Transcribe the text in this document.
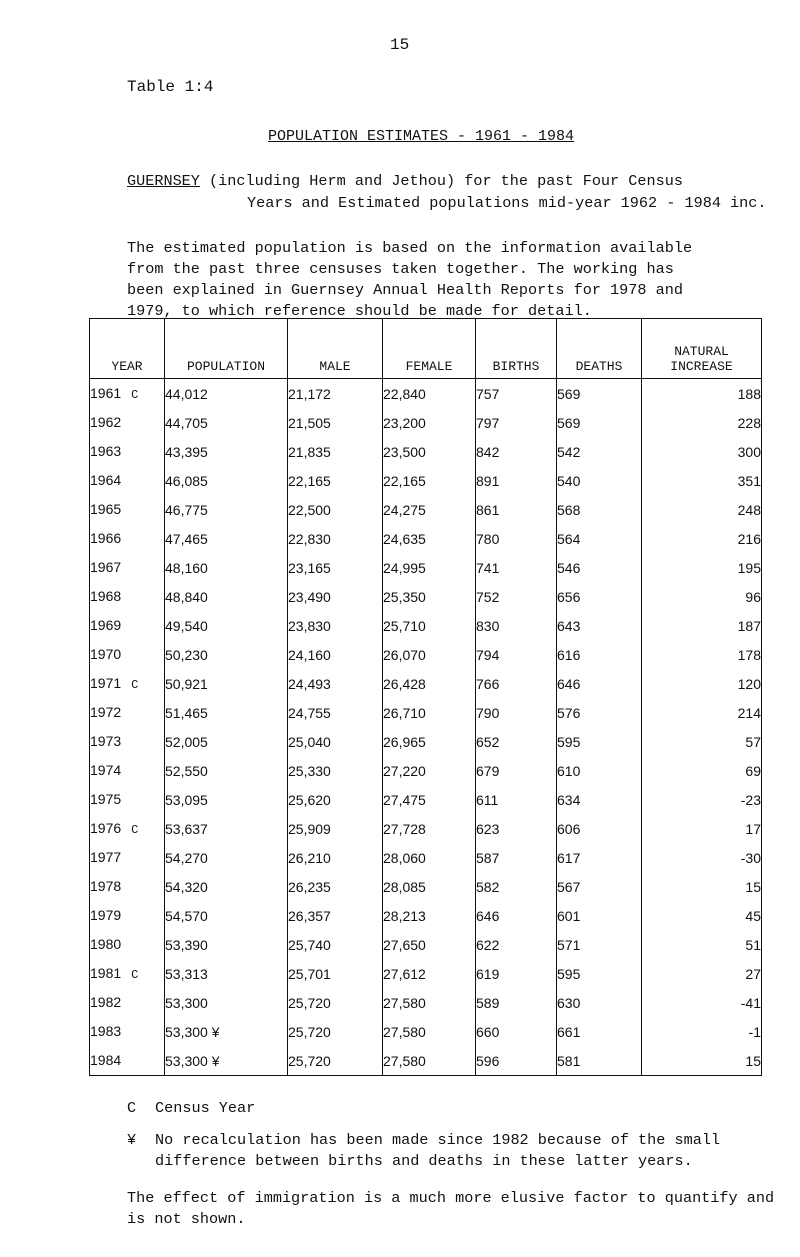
15
Table 1:4
POPULATION ESTIMATES - 1961 - 1984
GUERNSEY (including Herm and Jethou) for the past Four Census
Years and Estimated populations mid-year 1962 - 1984 inc.
The estimated population is based on the information available
from the past three censuses taken together. The working has
been explained in Guernsey Annual Health Reports for 1978 and
1979, to which reference should be made for detail.
YEAR	POPULATION	MALE	FEMALE	BIRTHS	DEATHS	NATURAL
INCREASE
1961 C	44,012	21,172	22,840	757	569	188
1962	44,705	21,505	23,200	797	569	228
1963	43,395	21,835	23,500	842	542	300
1964	46,085	22,165	22,165	891	540	351
1965	46,775	22,500	24,275	861	568	248
1966	47,465	22,830	24,635	780	564	216
1967	48,160	23,165	24,995	741	546	195
1968	48,840	23,490	25,350	752	656	96
1969	49,540	23,830	25,710	830	643	187
1970	50,230	24,160	26,070	794	616	178
1971 C	50,921	24,493	26,428	766	646	120
1972	51,465	24,755	26,710	790	576	214
1973	52,005	25,040	26,965	652	595	57
1974	52,550	25,330	27,220	679	610	69
1975	53,095	25,620	27,475	611	634	-23
1976 C	53,637	25,909	27,728	623	606	17
1977	54,270	26,210	28,060	587	617	-30
1978	54,320	26,235	28,085	582	567	15
1979	54,570	26,357	28,213	646	601	45
1980	53,390	25,740	27,650	622	571	51
1981 C	53,313	25,701	27,612	619	595	27
1982	53,300	25,720	27,580	589	630	-41
1983	53,300 ¥	25,720	27,580	660	661	-1
1984	53,300 ¥	25,720	27,580	596	581	15
C	Census Year
¥	No recalculation has been made since 1982 because of the small difference between births and deaths in these latter years.
The effect of immigration is a much more elusive factor to quantify and is not shown.
